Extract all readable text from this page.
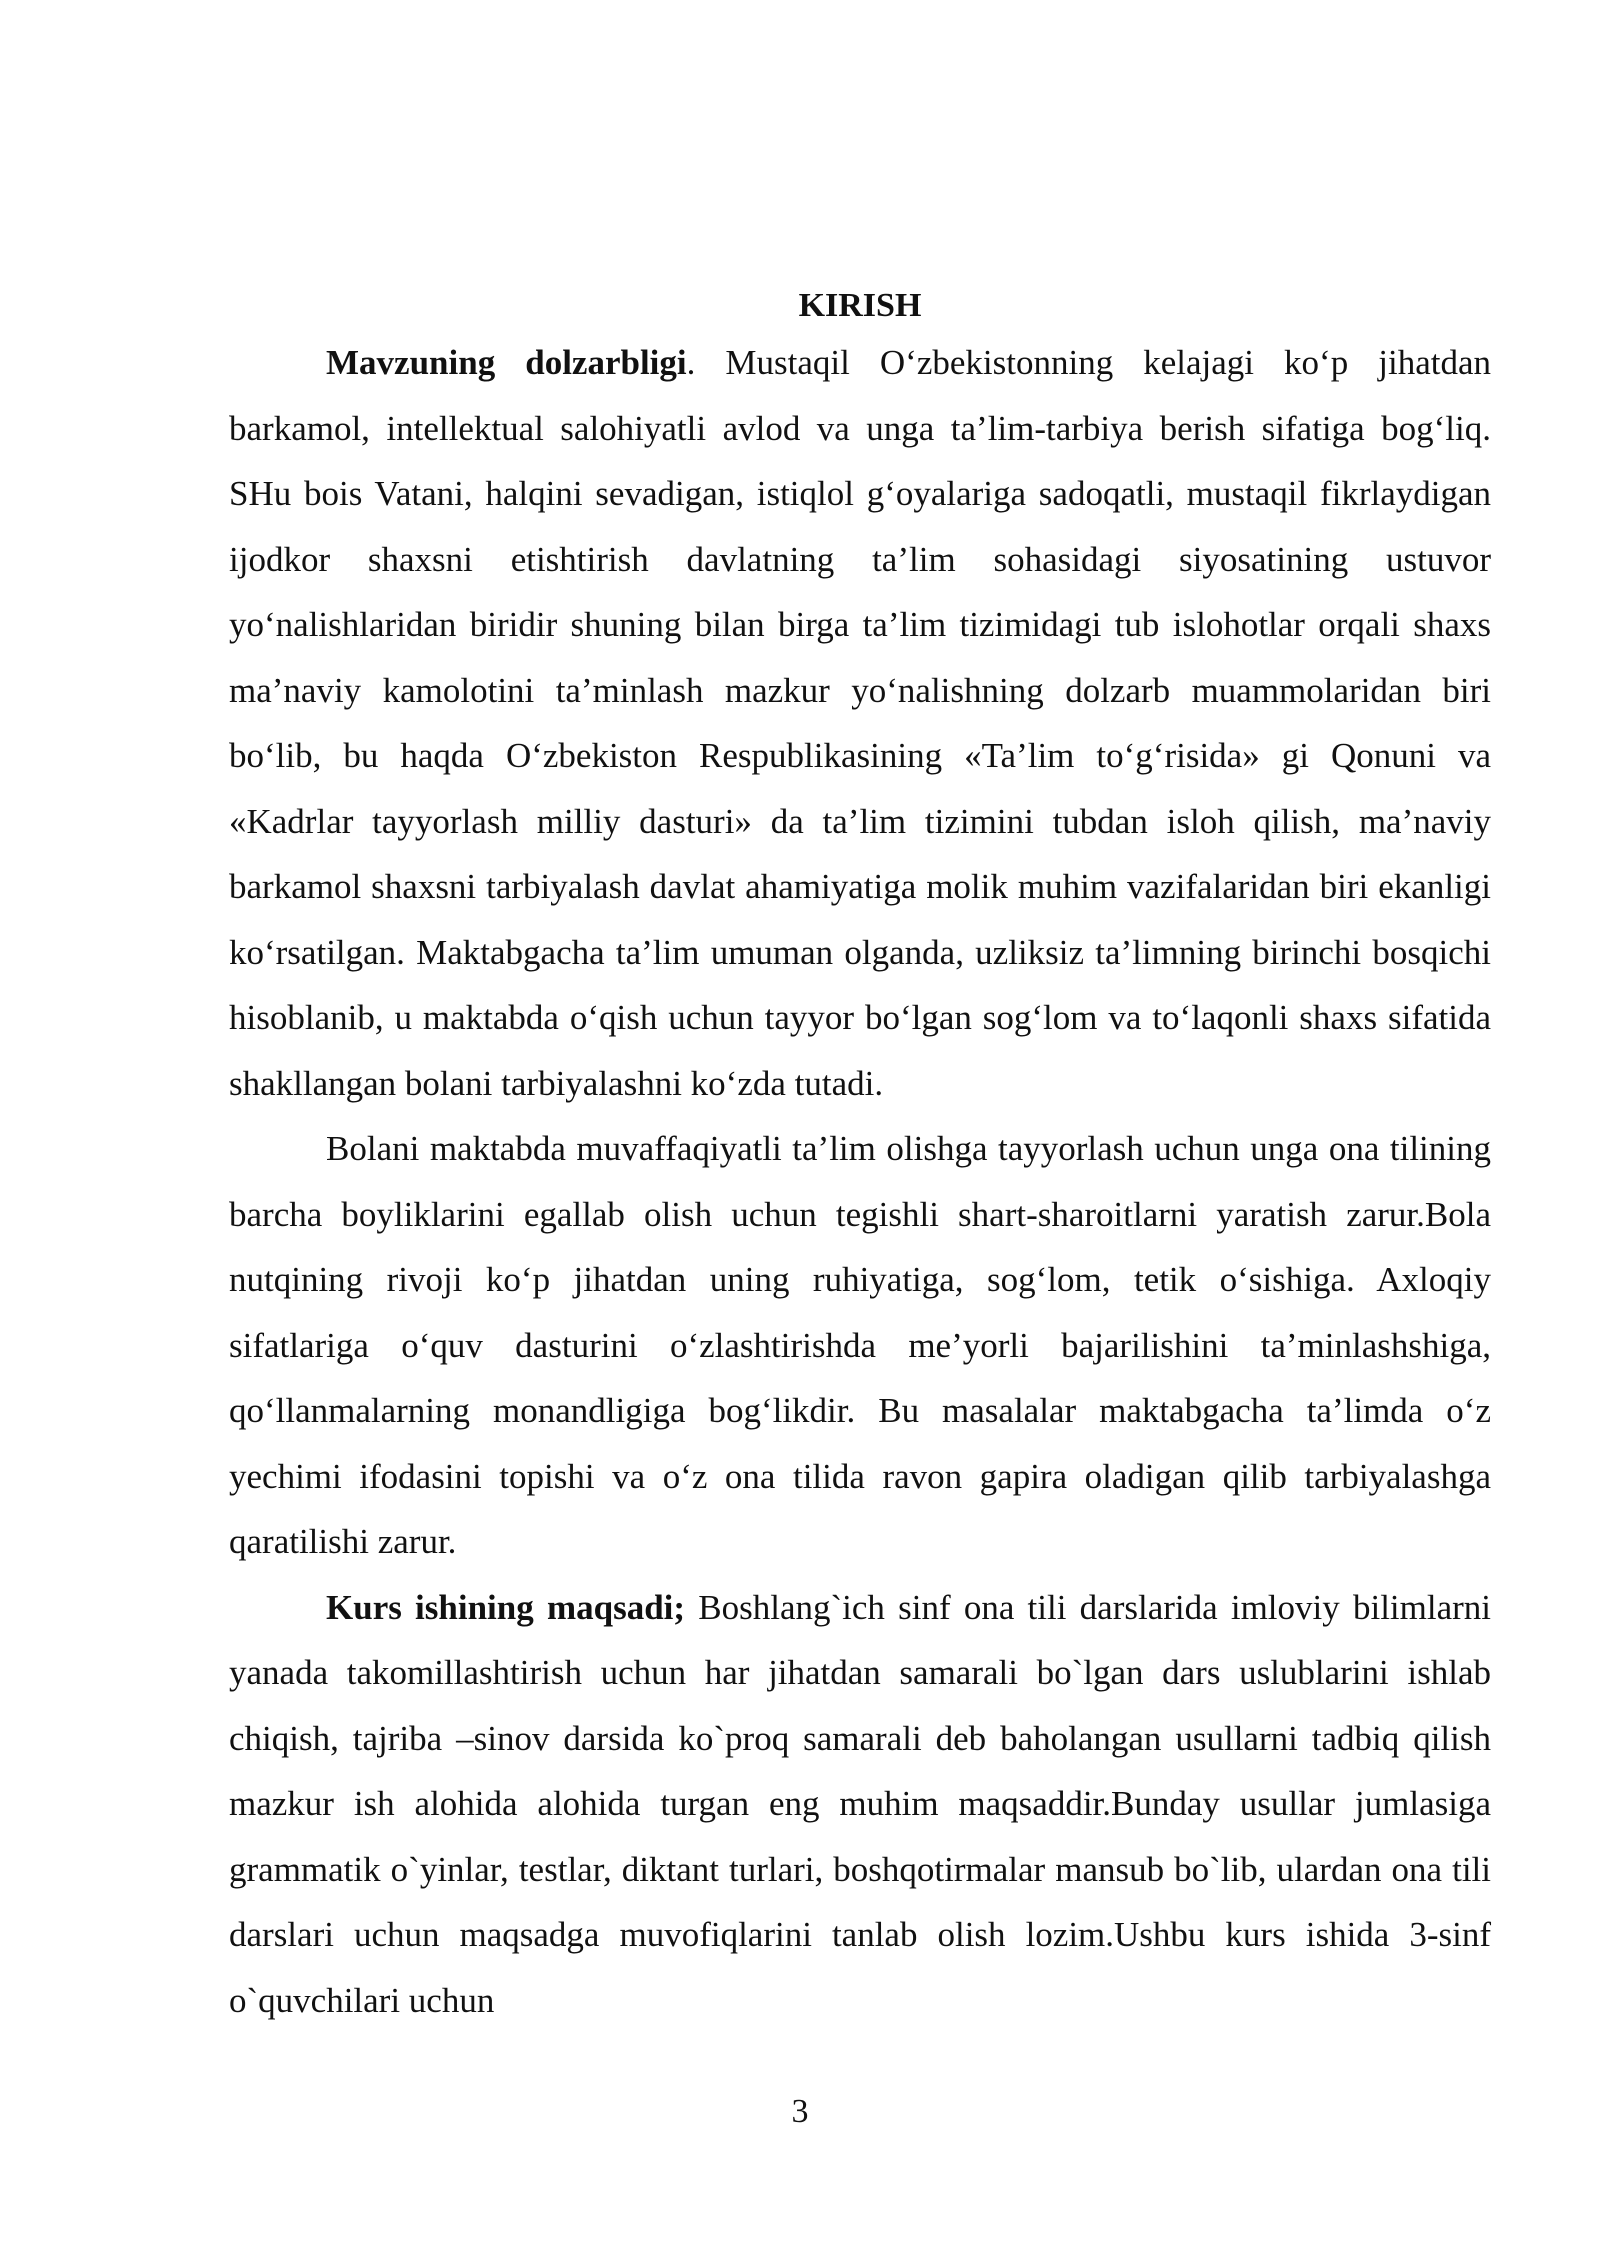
KIRISH

Mavzuning dolzarbligi. Mustaqil O‘zbekistonning kelajagi ko‘p jihatdan barkamol, intellektual salohiyatli avlod va unga ta’lim-tarbiya berish sifatiga bog‘liq. SHu bois Vatani, halqini sevadigan, istiqlol g‘oyalariga sadoqatli, mustaqil fikrlaydigan ijodkor shaxsni etishtirish davlatning ta’lim sohasidagi siyosatining ustuvor yo‘nalishlaridan biridir shuning bilan birga ta’lim tizimidagi tub islohotlar orqali shaxs ma’naviy kamolotini ta’minlash mazkur yo‘nalishning dolzarb muammolaridan biri bo‘lib, bu haqda O‘zbekiston Respublikasining «Ta’lim to‘g‘risida» gi Qonuni va «Kadrlar tayyorlash milliy dasturi» da ta’lim tizimini tubdan isloh qilish, ma’naviy barkamol shaxsni tarbiyalash davlat ahamiyatiga molik muhim vazifalaridan biri ekanligi ko‘rsatilgan. Maktabgacha ta’lim umuman olganda, uzliksiz ta’limning birinchi bosqichi hisoblanib, u maktabda o‘qish uchun tayyor bo‘lgan sog‘lom va to‘laqonli shaxs sifatida shakllangan bolani tarbiyalashni ko‘zda tutadi.

Bolani maktabda muvaffaqiyatli ta’lim olishga tayyorlash uchun unga ona tilining barcha boyliklarini egallab olish uchun tegishli shart-sharoitlarni yaratish zarur.Bola nutqining rivoji ko‘p jihatdan uning ruhiyatiga, sog‘lom, tetik o‘sishiga. Axloqiy sifatlariga o‘quv dasturini o‘zlashtirishda me’yorli bajarilishini ta’minlashshiga, qo‘llanmalarning monandligiga bog‘likdir. Bu masalalar maktabgacha ta’limda o‘z yechimi ifodasini topishi va o‘z ona tilida ravon gapira oladigan qilib tarbiyalashga qaratilishi zarur.

Kurs ishining maqsadi; Boshlang`ich sinf ona tili darslarida imloviy bilimlarni yanada takomillashtirish uchun har jihatdan samarali bo`lgan dars uslublarini ishlab chiqish, tajriba –sinov darsida ko`proq samarali deb baholangan usullarni tadbiq qilish mazkur ish alohida alohida turgan eng muhim maqsaddir.Bunday usullar jumlasiga grammatik o`yinlar, testlar, diktant turlari, boshqotirmalar mansub bo`lib, ulardan ona tili darslari uchun maqsadga muvofiqlarini tanlab olish lozim.Ushbu kurs ishida 3-sinf o`quvchilari uchun

3
